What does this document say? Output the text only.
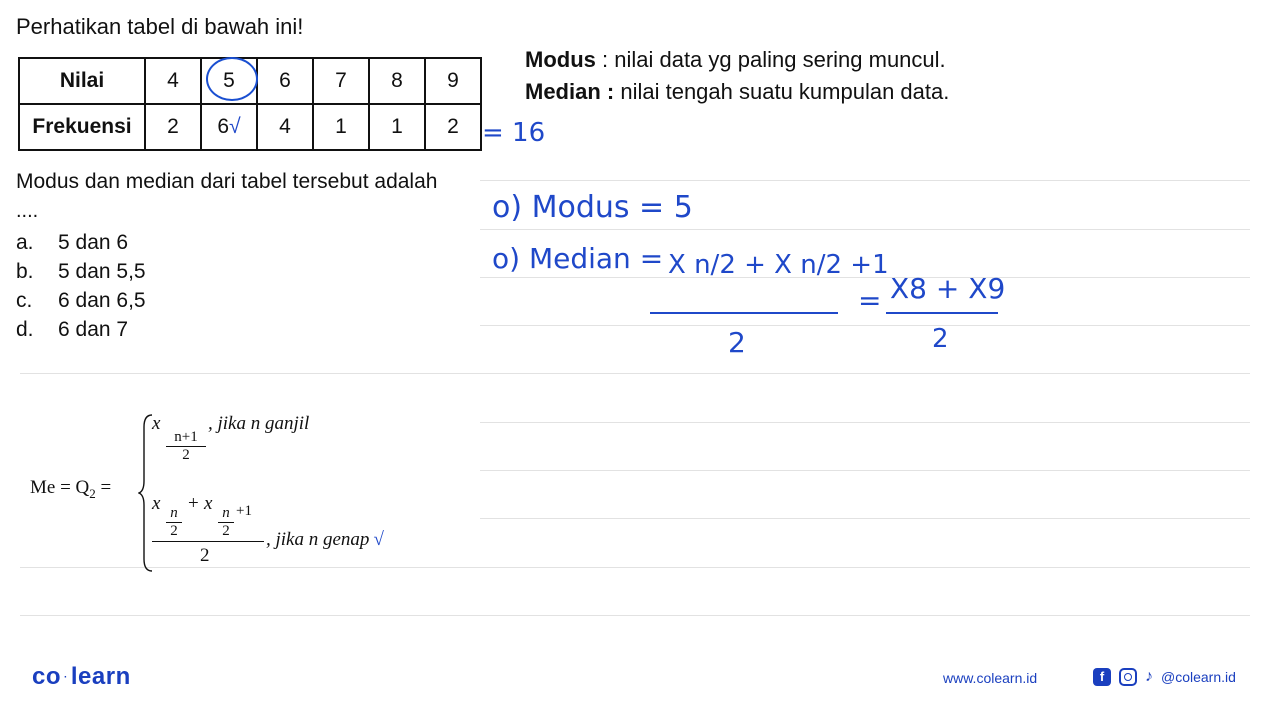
Perhatikan tabel di bawah ini!
Nilai	4	5	6	7	8	9
Frekuensi	2	6√	4	1	1	2 = 16
Modus dan median dari tabel tersebut adalah
....
a. 5 dan 6
b. 5 dan 5,5
c. 6 dan 6,5
d. 6 dan 7
Modus : nilai data yg paling sering muncul.
Median : nilai tengah suatu kumpulan data.
o) Modus = 5
o) Median = X n/2 + X n/2 +1
2
= X8 + X9
2
$Me = Q_2$ =
x
n+1
2
, jika n ganjil
x n
2
+ x n
2
+1
2
, jika n genap √
co · learn	www.colearn.id	f	♪ @colearn.id
